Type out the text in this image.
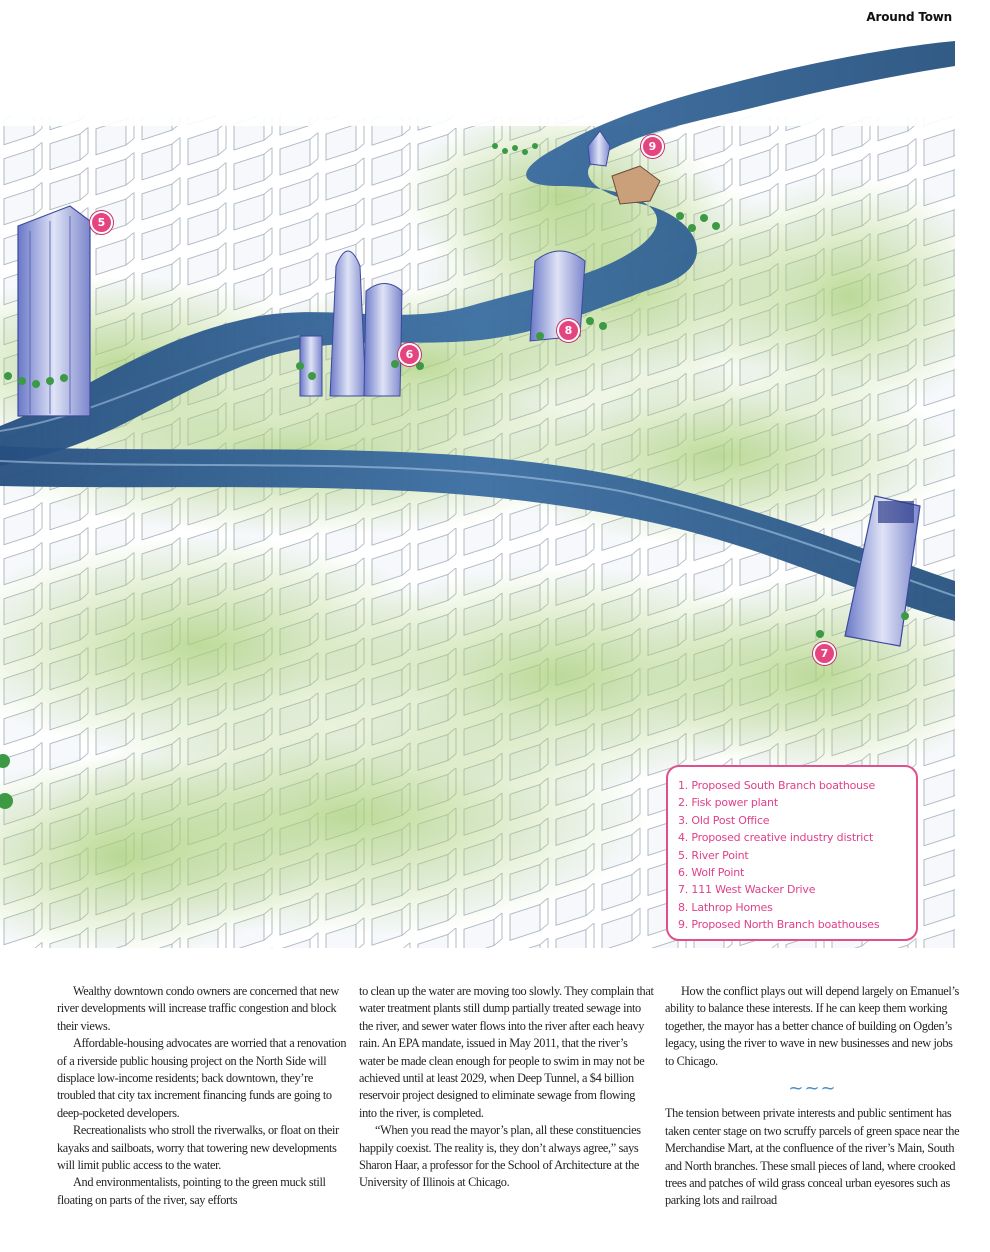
Around Town
5
6
7
8
9
1. Proposed South Branch boathouse
2. Fisk power plant
3. Old Post Office
4. Proposed creative industry district
5. River Point
6. Wolf Point
7. 111 West Wacker Drive
8. Lathrop Homes
9. Proposed North Branch boathouses

Wealthy downtown condo owners are concerned that new river developments will increase traffic congestion and block their views.

Affordable-housing advocates are worried that a renovation of a riverside public housing project on the North Side will displace low-income residents; back downtown, they’re troubled that city tax increment financing funds are going to deep-pocketed developers.

Recreationalists who stroll the riverwalks, or float on their kayaks and sailboats, worry that towering new developments will limit public access to the water.

And environmentalists, pointing to the green muck still floating on parts of the river, say efforts

to clean up the water are moving too slowly. They complain that water treatment plants still dump partially treated sewage into the river, and sewer water flows into the river after each heavy rain. An EPA mandate, issued in May 2011, that the river’s water be made clean enough for people to swim in may not be achieved until at least 2029, when Deep Tunnel, a $4 billion reservoir project designed to eliminate sewage from flowing into the river, is completed.

“When you read the mayor’s plan, all these constituencies happily coexist. The reality is, they don’t always agree,” says Sharon Haar, a professor for the School of Architecture at the University of Illinois at Chicago.

How the conflict plays out will depend largely on Emanuel’s ability to balance these interests. If he can keep them working together, the mayor has a better chance of building on Ogden’s legacy, using the river to wave in new businesses and new jobs to Chicago.

~~~

The tension between private interests and public sentiment has taken center stage on two scruffy parcels of green space near the Merchandise Mart, at the confluence of the river’s Main, South and North branches. These small pieces of land, where crooked trees and patches of wild grass conceal urban eyesores such as parking lots and railroad
